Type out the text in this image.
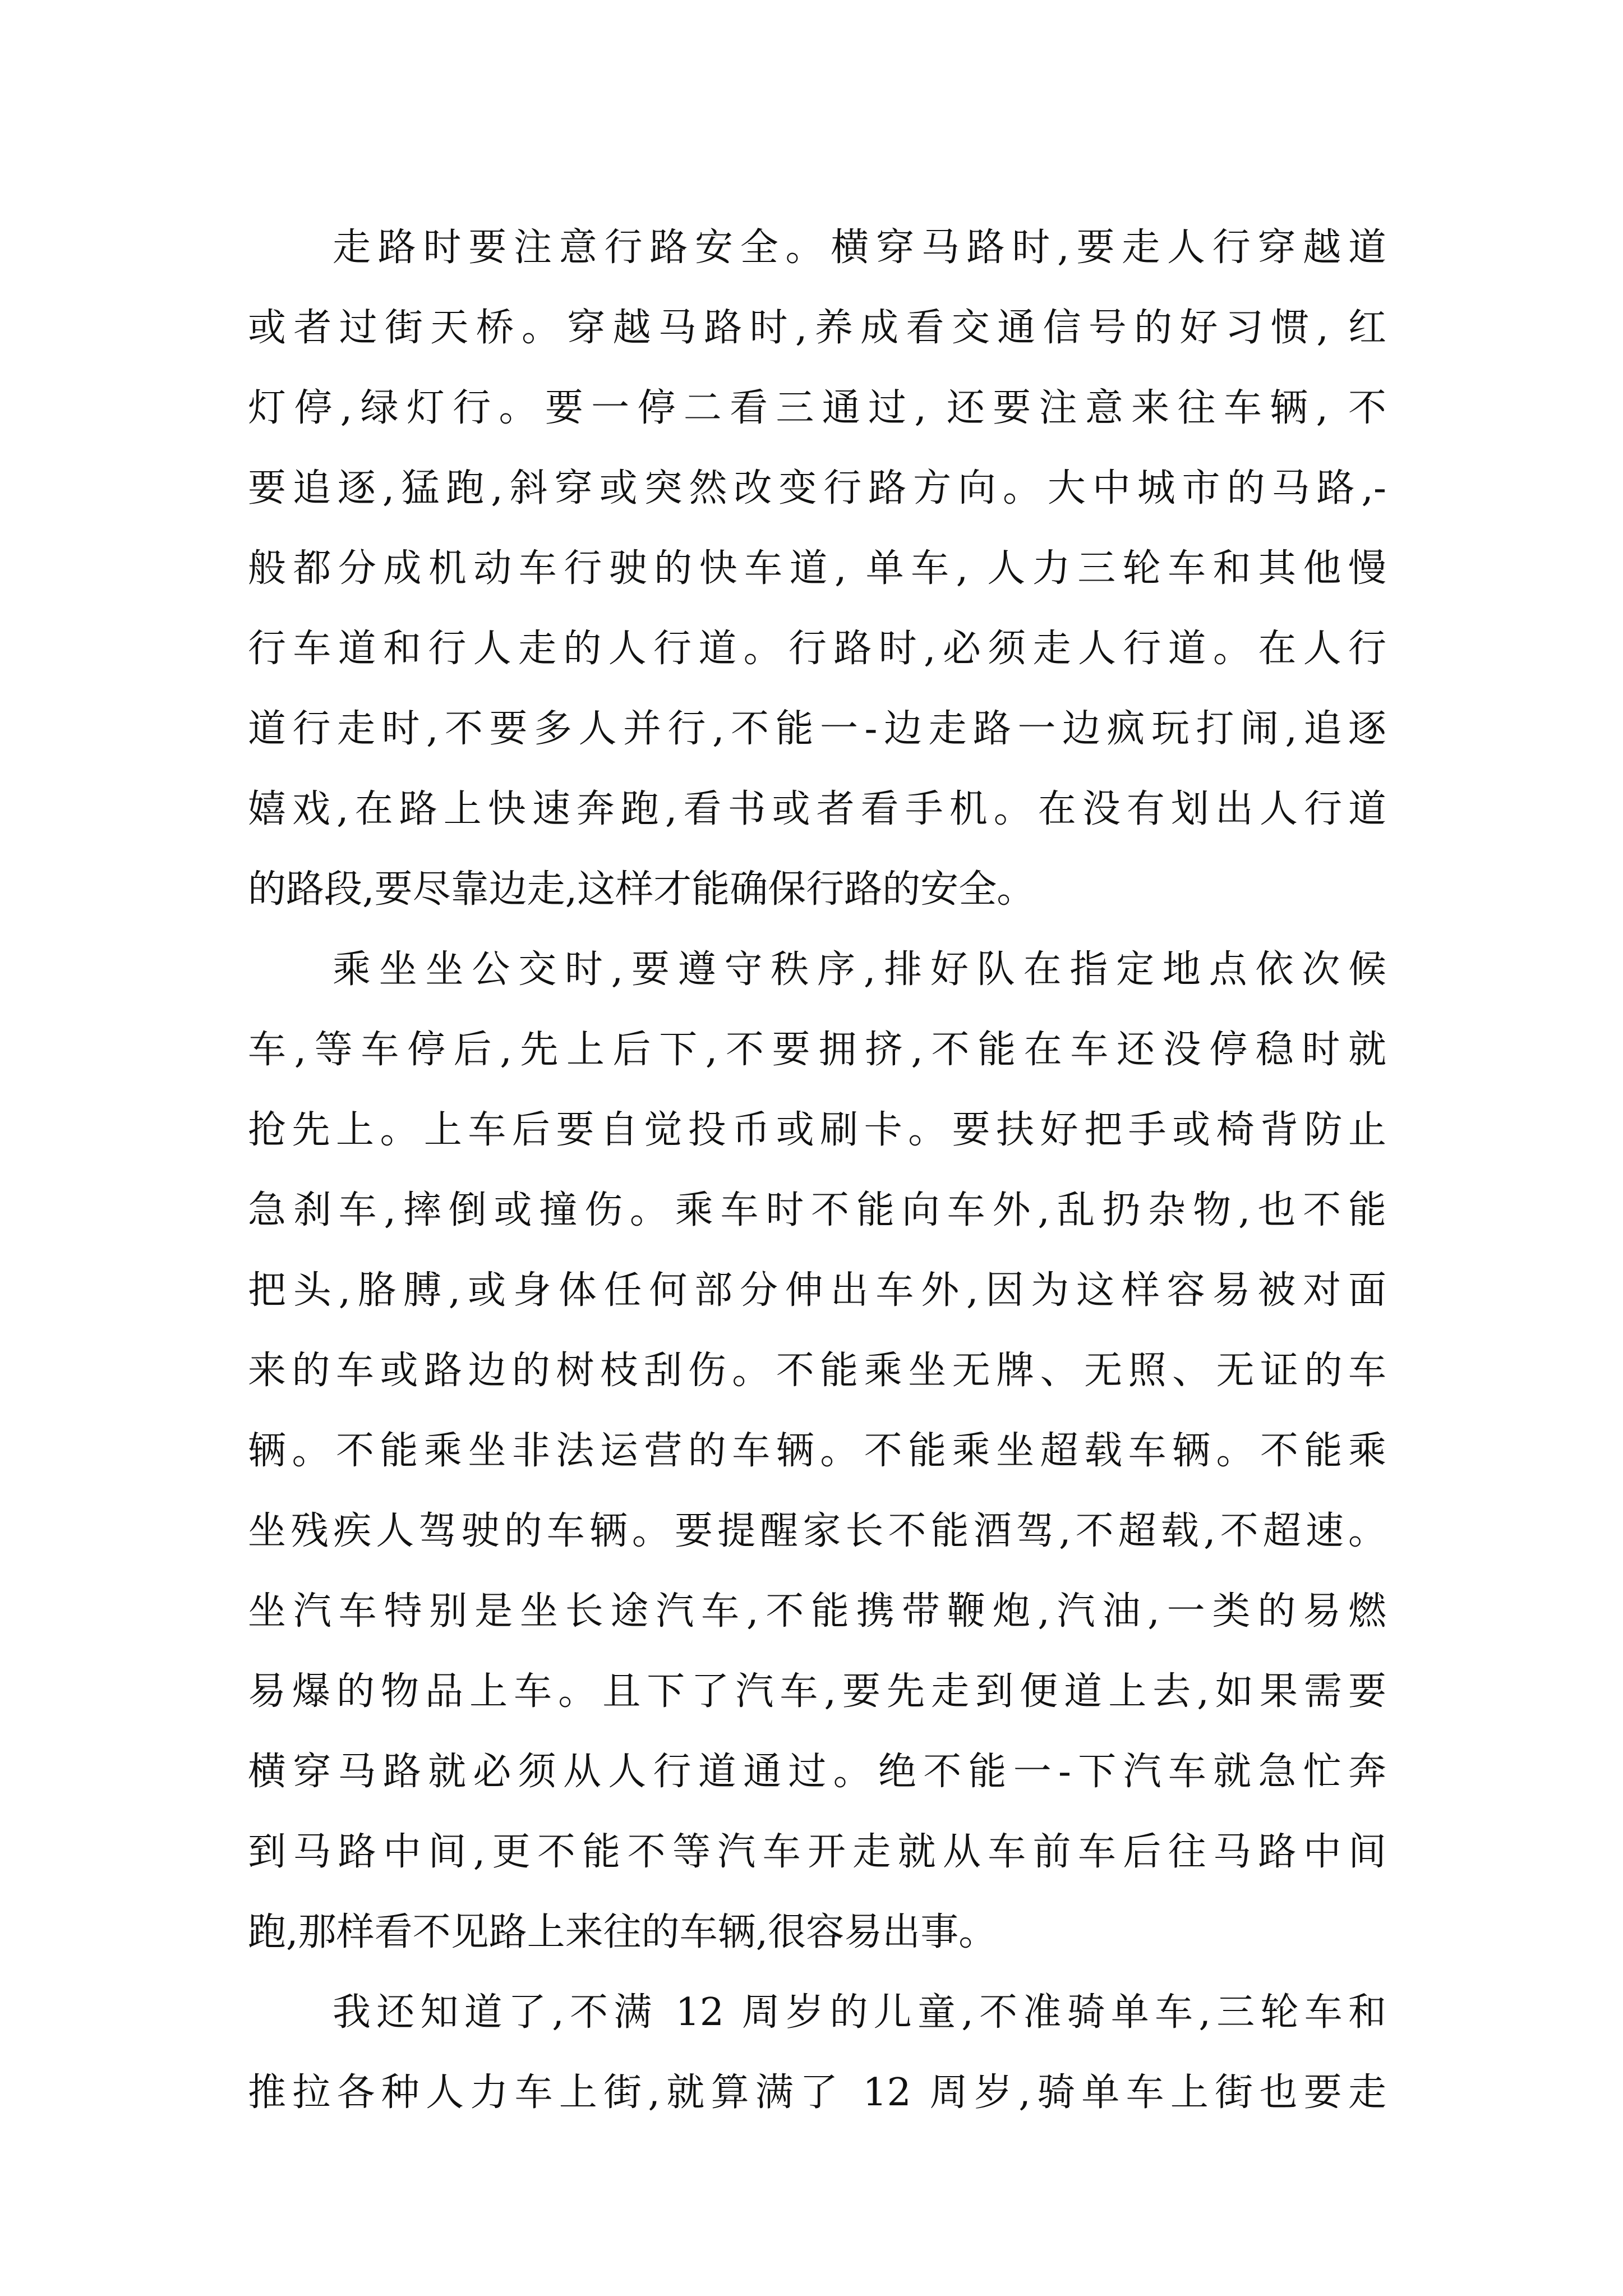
走路时要注意行路安全。横穿马路时,要走人行穿越道
或者过街天桥。穿越马路时,养成看交通信号的好习惯, 红
灯停,绿灯行。要一停二看三通过, 还要注意来往车辆, 不
要追逐,猛跑,斜穿或突然改变行路方向。大中城市的马路,-
般都分成机动车行驶的快车道, 单车, 人力三轮车和其他慢
行车道和行人走的人行道。行路时,必须走人行道。在人行
道行走时,不要多人并行,不能一-边走路一边疯玩打闹,追逐
嬉戏,在路上快速奔跑,看书或者看手机。在没有划出人行道
的路段,要尽靠边走,这样才能确保行路的安全。
乘坐坐公交时,要遵守秩序,排好队在指定地点依次候
车,等车停后,先上后下,不要拥挤,不能在车还没停稳时就
抢先上。上车后要自觉投币或刷卡。要扶好把手或椅背防止
急刹车,摔倒或撞伤。乘车时不能向车外,乱扔杂物,也不能
把头,胳膊,或身体任何部分伸出车外,因为这样容易被对面
来的车或路边的树枝刮伤。不能乘坐无牌、无照、无证的车
辆。不能乘坐非法运营的车辆。不能乘坐超载车辆。不能乘
坐残疾人驾驶的车辆。要提醒家长不能酒驾,不超载,不超速。
坐汽车特别是坐长途汽车,不能携带鞭炮,汽油,一类的易燃
易爆的物品上车。且下了汽车,要先走到便道上去,如果需要
横穿马路就必须从人行道通过。绝不能一-下汽车就急忙奔
到马路中间,更不能不等汽车开走就从车前车后往马路中间
跑,那样看不见路上来往的车辆,很容易出事。
我还知道了,不满 12 周岁的儿童,不准骑单车,三轮车和
推拉各种人力车上街,就算满了 12 周岁,骑单车上街也要走
